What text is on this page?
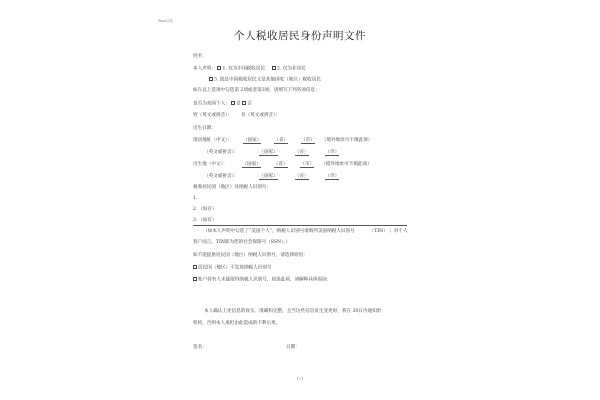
Word文档
个人税收居民身份声明文件
姓名：
本人声明： 1. 仅为中国税收居民	2. 仅为非居民
3. 既是中国税收居民又是其他国家（地区）税收居民
如在以上选项中勾选第 2项或者第3项，请填写下列各项信息：
是否为美国个人： 是 否
姓（英文或拼音）： 名（英文或拼音）：
出生日期：
现居地址（中文）： （国家）	（省）	（市） （境外地址可不填此项）
（英文或拼音）：	（国家）	（省）	（市）
出生地（中文）：	（国家）	（省）	（市） （境外地址可不填此项）
（英文或拼音）：	（国家）	（省）	（市）
税收居民国（地区）及纳税人识别号：
1．
2．（如有）
3．（如有）
（如本人声明中勾选了“美国个人”，纳税人识别号请填列美国纳税人识别号	（TIN） ；对个人
客户而言，TIN即为您的社会保障号（SSN）。）
如不能提供居民国（地区）纳税人识别号，请选择原因：
居民国（地区）不发放纳税人识别号
账户持有人未能取得纳税人识别号，如选此项，请解释具体原因：
本人确认上述信息的真实、准确和完整，且当这些信息发生变更时，将在 30日内通知贵
机构，否则本人承担由此造成的不利后果。
签名：	日期：
1 / 1
